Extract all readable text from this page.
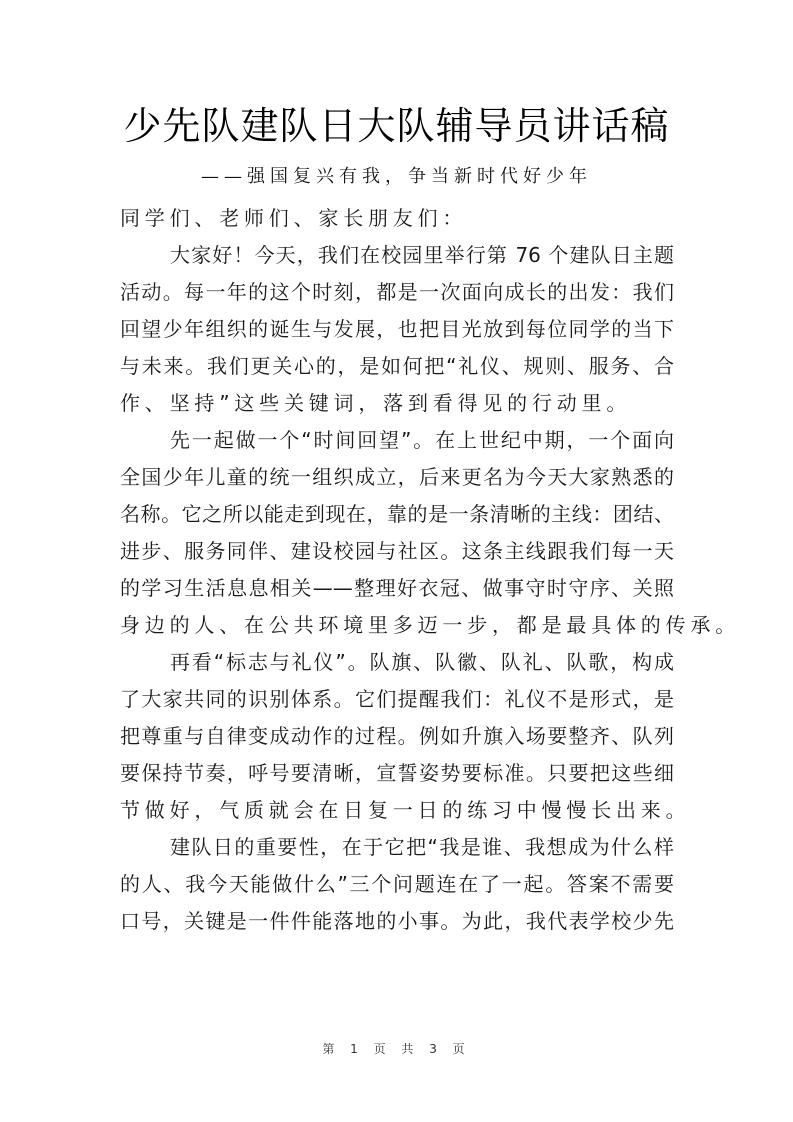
少先队建队日大队辅导员讲话稿
——强国复兴有我，争当新时代好少年
同学们、老师们、家长朋友们：
大家好！今天，我们在校园里举行第 76 个建队日主题
活动。每一年的这个时刻，都是一次面向成长的出发：我们
回望少年组织的诞生与发展，也把目光放到每位同学的当下
与未来。我们更关心的，是如何把“礼仪、规则、服务、合
作、坚持”这些关键词，落到看得见的行动里。
先一起做一个“时间回望”。在上世纪中期，一个面向
全国少年儿童的统一组织成立，后来更名为今天大家熟悉的
名称。它之所以能走到现在，靠的是一条清晰的主线：团结、
进步、服务同伴、建设校园与社区。这条主线跟我们每一天
的学习生活息息相关——整理好衣冠、做事守时守序、关照
身边的人、在公共环境里多迈一步，都是最具体的传承。
再看“标志与礼仪”。队旗、队徽、队礼、队歌，构成
了大家共同的识别体系。它们提醒我们：礼仪不是形式，是
把尊重与自律变成动作的过程。例如升旗入场要整齐、队列
要保持节奏，呼号要清晰，宣誓姿势要标准。只要把这些细
节做好，气质就会在日复一日的练习中慢慢长出来。
建队日的重要性，在于它把“我是谁、我想成为什么样
的人、我今天能做什么”三个问题连在了一起。答案不需要
口号，关键是一件件能落地的小事。为此，我代表学校少先
第 1 页 共 3 页
